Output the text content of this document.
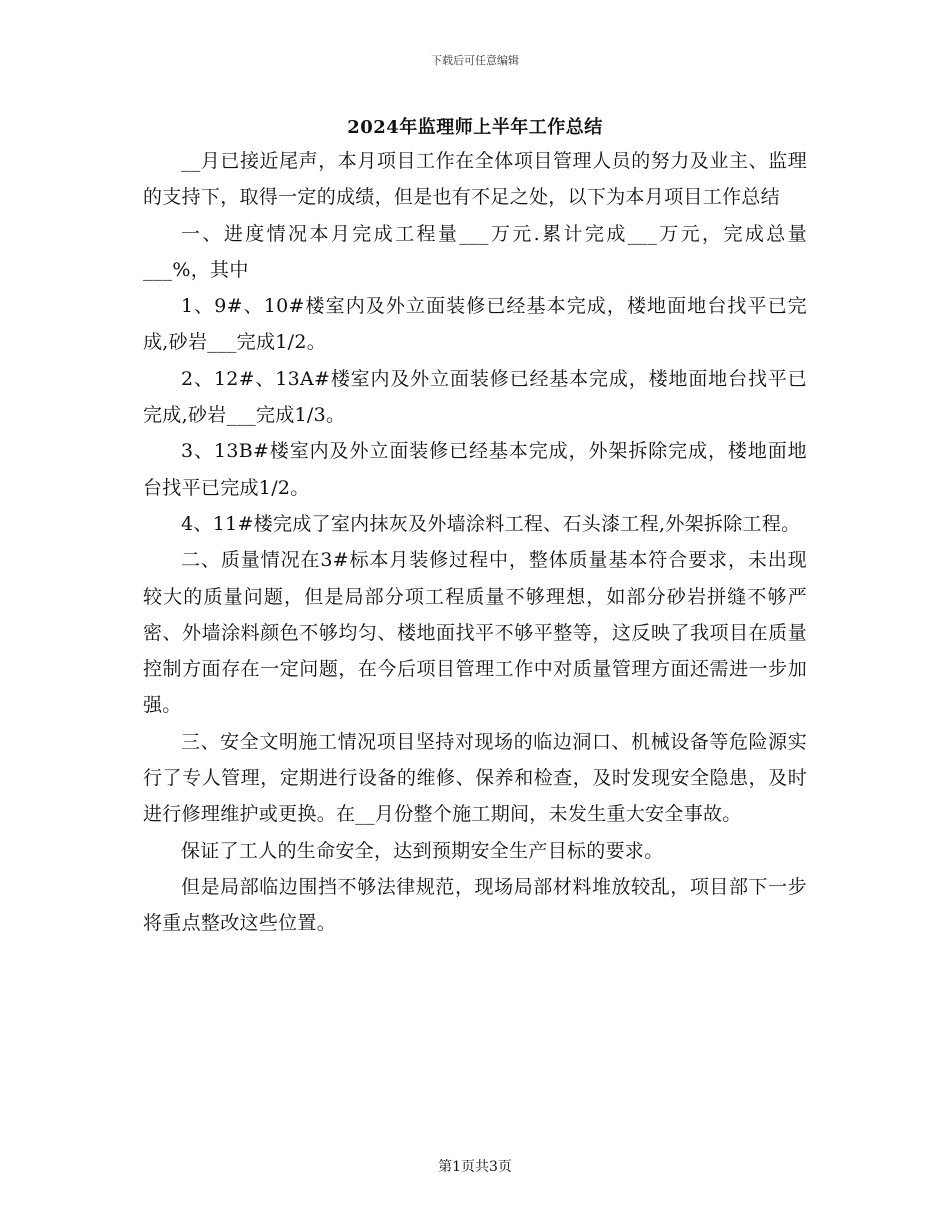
下载后可任意编辑
2024年监理师上半年工作总结

__月已接近尾声，本月项目工作在全体项目管理人员的努力及业主、监理的支持下，取得一定的成绩，但是也有不足之处，以下为本月项目工作总结

一、进度情况本月完成工程量___万元.累计完成___万元，完成总量___%，其中

1、9#、10#楼室内及外立面装修已经基本完成，楼地面地台找平已完成,砂岩___完成1/2。

2、12#、13A#楼室内及外立面装修已经基本完成，楼地面地台找平已完成,砂岩___完成1/3。

3、13B#楼室内及外立面装修已经基本完成，外架拆除完成，楼地面地台找平已完成1/2。

4、11#楼完成了室内抹灰及外墙涂料工程、石头漆工程,外架拆除工程。

二、质量情况在3#标本月装修过程中，整体质量基本符合要求，未出现较大的质量问题，但是局部分项工程质量不够理想，如部分砂岩拼缝不够严密、外墙涂料颜色不够均匀、楼地面找平不够平整等，这反映了我项目在质量控制方面存在一定问题，在今后项目管理工作中对质量管理方面还需进一步加强。

三、安全文明施工情况项目坚持对现场的临边洞口、机械设备等危险源实行了专人管理，定期进行设备的维修、保养和检查，及时发现安全隐患，及时进行修理维护或更换。在__月份整个施工期间，未发生重大安全事故。

保证了工人的生命安全，达到预期安全生产目标的要求。

但是局部临边围挡不够法律规范，现场局部材料堆放较乱，项目部下一步将重点整改这些位置。

第1页共3页
